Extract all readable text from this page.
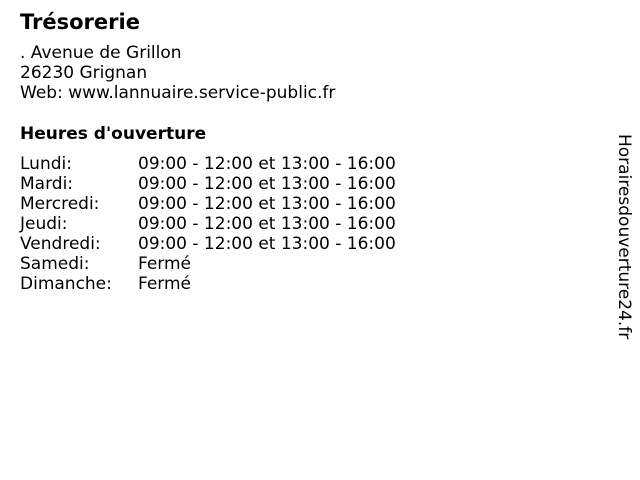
Trésorerie
. Avenue de Grillon
26230 Grignan
Web: www.lannuaire.service-public.fr
Heures d'ouverture
Lundi:	09:00 - 12:00 et 13:00 - 16:00
Mardi:	09:00 - 12:00 et 13:00 - 16:00
Mercredi:	09:00 - 12:00 et 13:00 - 16:00
Jeudi:	09:00 - 12:00 et 13:00 - 16:00
Vendredi:	09:00 - 12:00 et 13:00 - 16:00
Samedi:	Fermé
Dimanche:	Fermé	Horairesdouverture24.fr
